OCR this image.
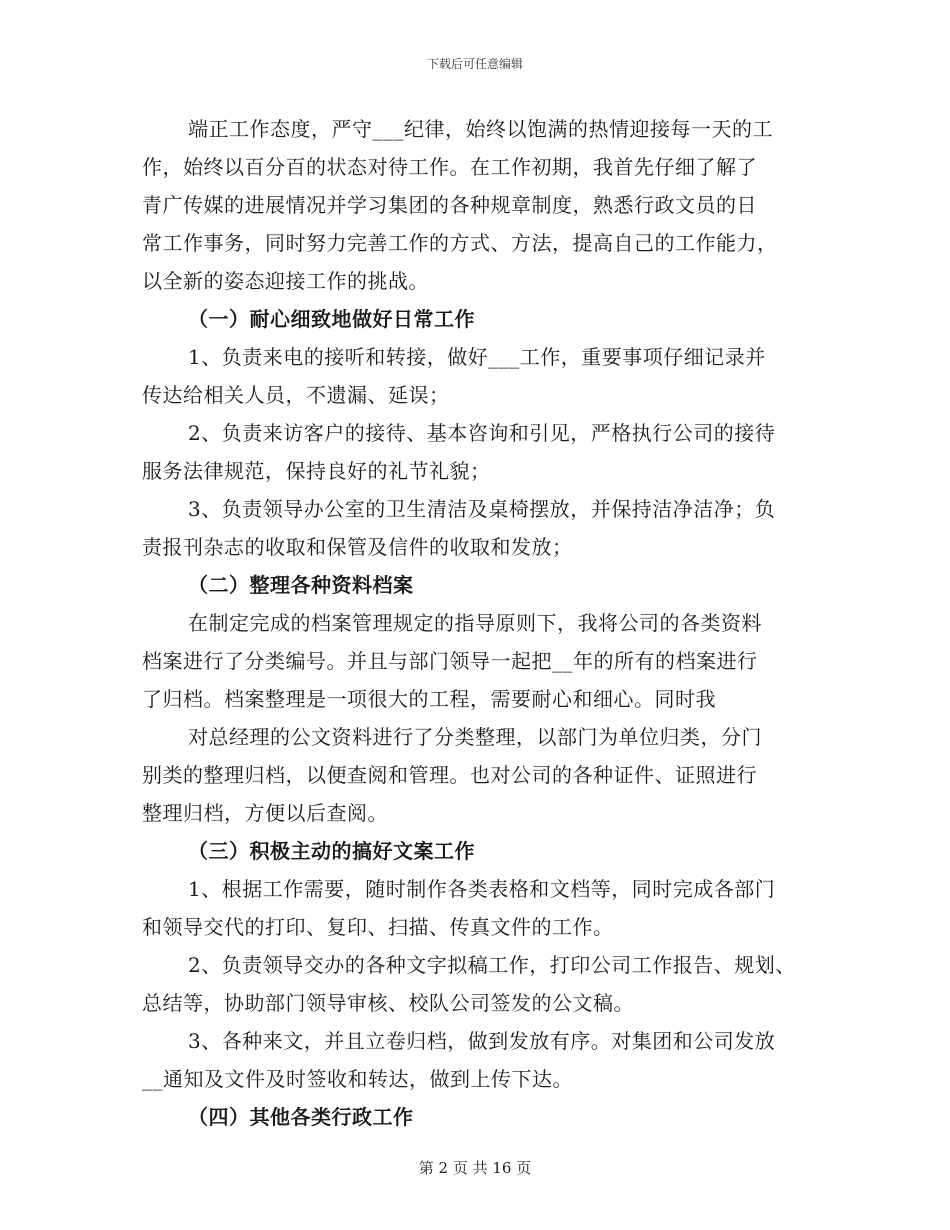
下载后可任意编辑
端正工作态度，严守___纪律，始终以饱满的热情迎接每一天的工
作，始终以百分百的状态对待工作。在工作初期，我首先仔细了解了
青广传媒的进展情况并学习集团的各种规章制度，熟悉行政文员的日
常工作事务，同时努力完善工作的方式、方法，提高自己的工作能力，
以全新的姿态迎接工作的挑战。
（一）耐心细致地做好日常工作
1、负责来电的接听和转接，做好___工作，重要事项仔细记录并
传达给相关人员，不遗漏、延误；
2、负责来访客户的接待、基本咨询和引见，严格执行公司的接待
服务法律规范，保持良好的礼节礼貌；
3、负责领导办公室的卫生清洁及桌椅摆放，并保持洁净洁净；负
责报刊杂志的收取和保管及信件的收取和发放；
（二）整理各种资料档案
在制定完成的档案管理规定的指导原则下，我将公司的各类资料
档案进行了分类编号。并且与部门领导一起把__年的所有的档案进行
了归档。档案整理是一项很大的工程，需要耐心和细心。同时我
对总经理的公文资料进行了分类整理，以部门为单位归类，分门
别类的整理归档，以便查阅和管理。也对公司的各种证件、证照进行
整理归档，方便以后查阅。
（三）积极主动的搞好文案工作
1、根据工作需要，随时制作各类表格和文档等，同时完成各部门
和领导交代的打印、复印、扫描、传真文件的工作。
2、负责领导交办的各种文字拟稿工作，打印公司工作报告、规划、
总结等，协助部门领导审核、校队公司签发的公文稿。
3、各种来文，并且立卷归档，做到发放有序。对集团和公司发放
__通知及文件及时签收和转达，做到上传下达。
（四）其他各类行政工作
第 2 页 共 16 页
